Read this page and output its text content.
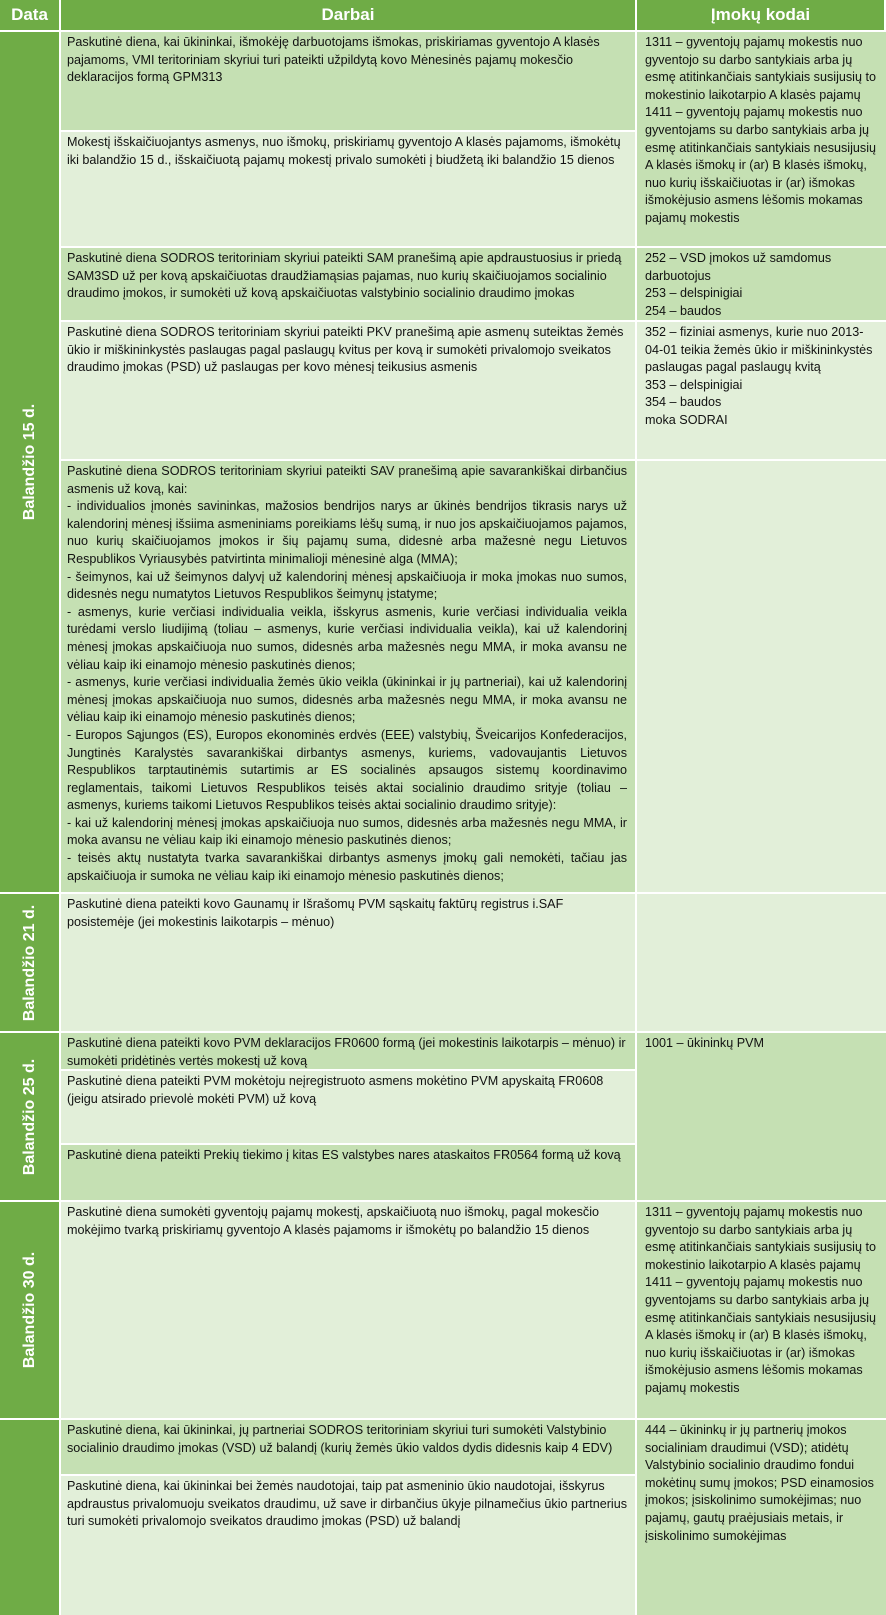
Data	Darbai	Įmokų kodai
Balandžio 15 d.
Balandžio 21 d.
Balandžio 25 d.
Balandžio 30 d.
Paskutinė diena, kai ūkininkai, išmokėję darbuotojams išmokas, priskiriamas gyventojo A klasės pajamoms, VMI teritoriniam skyriui turi pateikti užpildytą kovo Mėnesinės pajamų mokesčio deklaracijos formą GPM313
Mokestį išskaičiuojantys asmenys, nuo išmokų, priskiriamų gyventojo A klasės pajamoms, išmokėtų iki balandžio 15 d., išskaičiuotą pajamų mokestį privalo sumokėti į biudžetą iki balandžio 15 dienos
Paskutinė diena SODROS teritoriniam skyriui pateikti SAM pranešimą apie apdraustuosius ir priedą SAM3SD už per kovą apskaičiuotas draudžiamąsias pajamas, nuo kurių skaičiuojamos socialinio draudimo įmokos, ir sumokėti už kovą apskaičiuotas valstybinio socialinio draudimo įmokas
Paskutinė diena SODROS teritoriniam skyriui pateikti PKV pranešimą apie asmenų suteiktas žemės ūkio ir miškininkystės paslaugas pagal paslaugų kvitus per kovą ir sumokėti privalomojo sveikatos draudimo įmokas (PSD) už paslaugas per kovo mėnesį teikusius asmenis
Paskutinė diena SODROS teritoriniam skyriui pateikti SAV pranešimą apie savarankiškai dirbančius asmenis už kovą, kai:
- individualios įmonės savininkas, mažosios bendrijos narys ar ūkinės bendrijos tikrasis narys už kalendorinį mėnesį išsiima asmeniniams poreikiams lėšų sumą, ir nuo jos apskaičiuojamos pajamos, nuo kurių skaičiuojamos įmokos ir šių pajamų suma, didesnė arba mažesnė negu Lietuvos Respublikos Vyriausybės patvirtinta minimalioji mėnesinė alga (MMA);
- šeimynos, kai už šeimynos dalyvį už kalendorinį mėnesį apskaičiuoja ir moka įmokas nuo sumos, didesnės negu numatytos Lietuvos Respublikos šeimynų įstatyme;
- asmenys, kurie verčiasi individualia veikla, išskyrus asmenis, kurie verčiasi individualia veikla turėdami verslo liudijimą (toliau – asmenys, kurie verčiasi individualia veikla), kai už kalendorinį mėnesį įmokas apskaičiuoja nuo sumos, didesnės arba mažesnės negu MMA, ir moka avansu ne vėliau kaip iki einamojo mėnesio paskutinės dienos;
- asmenys, kurie verčiasi individualia žemės ūkio veikla (ūkininkai ir jų partneriai), kai už kalendorinį mėnesį įmokas apskaičiuoja nuo sumos, didesnės arba mažesnės negu MMA, ir moka avansu ne vėliau kaip iki einamojo mėnesio paskutinės dienos;
- Europos Sąjungos (ES), Europos ekonominės erdvės (EEE) valstybių, Šveicarijos Konfederacijos, Jungtinės Karalystės savarankiškai dirbantys asmenys, kuriems, vadovaujantis Lietuvos Respublikos tarptautinėmis sutartimis ar ES socialinės apsaugos sistemų koordinavimo reglamentais, taikomi Lietuvos Respublikos teisės aktai socialinio draudimo srityje (toliau – asmenys, kuriems taikomi Lietuvos Respublikos teisės aktai socialinio draudimo srityje):
- kai už kalendorinį mėnesį įmokas apskaičiuoja nuo sumos, didesnės arba mažesnės negu MMA, ir moka avansu ne vėliau kaip iki einamojo mėnesio paskutinės dienos;
- teisės aktų nustatyta tvarka savarankiškai dirbantys asmenys įmokų gali nemokėti, tačiau jas apskaičiuoja ir sumoka ne vėliau kaip iki einamojo mėnesio paskutinės dienos;
Paskutinė diena pateikti kovo Gaunamų ir Išrašomų PVM sąskaitų faktūrų registrus i.SAF posistemėje (jei mokestinis laikotarpis – mėnuo)
Paskutinė diena pateikti kovo PVM deklaracijos FR0600 formą (jei mokestinis laikotarpis – mėnuo) ir sumokėti pridėtinės vertės mokestį už kovą
Paskutinė diena pateikti PVM mokėtoju neįregistruoto asmens mokėtino PVM apyskaitą FR0608 (jeigu atsirado prievolė mokėti PVM) už kovą
Paskutinė diena pateikti Prekių tiekimo į kitas ES valstybes nares ataskaitos FR0564 formą už kovą
Paskutinė diena sumokėti gyventojų pajamų mokestį, apskaičiuotą nuo išmokų, pagal mokesčio mokėjimo tvarką priskiriamų gyventojo A klasės pajamoms ir išmokėtų po balandžio 15 dienos
Paskutinė diena, kai ūkininkai, jų partneriai SODROS teritoriniam skyriui turi sumokėti Valstybinio socialinio draudimo įmokas (VSD) už balandį (kurių žemės ūkio valdos dydis didesnis kaip 4 EDV)
Paskutinė diena, kai ūkininkai bei žemės naudotojai, taip pat asmeninio ūkio naudotojai, išskyrus apdraustus privalomuoju sveikatos draudimu, už save ir dirbančius ūkyje pilnamečius ūkio partnerius turi sumokėti privalomojo sveikatos draudimo įmokas (PSD) už balandį
1311 – gyventojų pajamų mokestis nuo gyventojo su darbo santykiais arba jų esmę atitinkančiais santykiais susijusių to mokestinio laikotarpio A klasės pajamų
1411 – gyventojų pajamų mokestis nuo gyventojams su darbo santykiais arba jų esmę atitinkančiais santykiais nesusijusių A klasės išmokų ir (ar) B klasės išmokų, nuo kurių išskaičiuotas ir (ar) išmokas išmokėjusio asmens lėšomis mokamas pajamų mokestis
252 – VSD įmokos už samdomus darbuotojus
253 – delspinigiai
254 – baudos
352 – fiziniai asmenys, kurie nuo 2013-04-01 teikia žemės ūkio ir miškininkystės paslaugas pagal paslaugų kvitą
353 – delspinigiai
354 – baudos
moka SODRAI
1001 – ūkininkų PVM
1311 – gyventojų pajamų mokestis nuo gyventojo su darbo santykiais arba jų esmę atitinkančiais santykiais susijusių to mokestinio laikotarpio A klasės pajamų
1411 – gyventojų pajamų mokestis nuo gyventojams su darbo santykiais arba jų esmę atitinkančiais santykiais nesusijusių A klasės išmokų ir (ar) B klasės išmokų, nuo kurių išskaičiuotas ir (ar) išmokas išmokėjusio asmens lėšomis mokamas pajamų mokestis
444 – ūkininkų ir jų partnerių įmokos socialiniam draudimui (VSD); atidėtų Valstybinio socialinio draudimo fondui mokėtinų sumų įmokos; PSD einamosios įmokos; įsiskolinimo sumokėjimas; nuo pajamų, gautų praėjusiais metais, ir įsiskolinimo sumokėjimas
